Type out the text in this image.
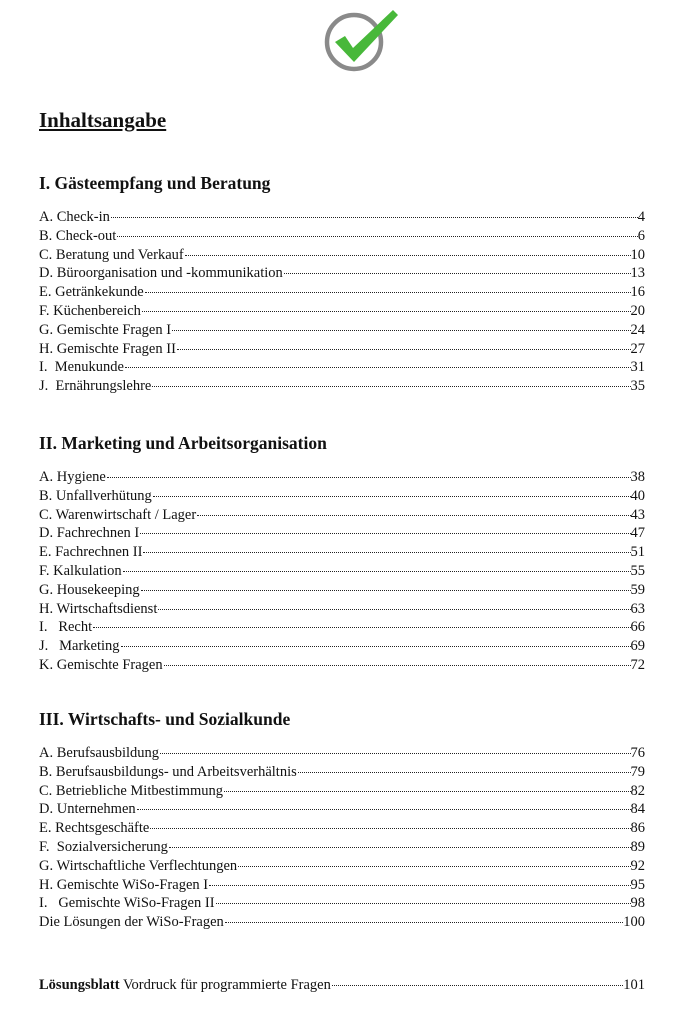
Inhaltsangabe
I. Gästeempfang und Beratung
A. Check-in	4
B. Check-out	6
C. Beratung und Verkauf	10
D. Büroorganisation und -kommunikation	13
E. Getränkekunde	16
F. Küchenbereich	20
G. Gemischte Fragen I	24
H. Gemischte Fragen II	27
I.  Menukunde	31
J.  Ernährungslehre	35
II. Marketing und Arbeitsorganisation
A. Hygiene	38
B. Unfallverhütung	40
C. Warenwirtschaft / Lager	43
D. Fachrechnen I	47
E. Fachrechnen II	51
F. Kalkulation	55
G. Housekeeping	59
H. Wirtschaftsdienst	63
I.   Recht	66
J.   Marketing	69
K. Gemischte Fragen	72
III. Wirtschafts- und Sozialkunde
A. Berufsausbildung	76
B. Berufsausbildungs- und Arbeitsverhältnis	79
C. Betriebliche Mitbestimmung	82
D. Unternehmen	84
E. Rechtsgeschäfte	86
F.  Sozialversicherung	89
G. Wirtschaftliche Verflechtungen	92
H. Gemischte WiSo-Fragen I	95
I.   Gemischte WiSo-Fragen II	98
Die Lösungen der WiSo-Fragen	100
Lösungsblatt Vordruck für programmierte Fragen	101
